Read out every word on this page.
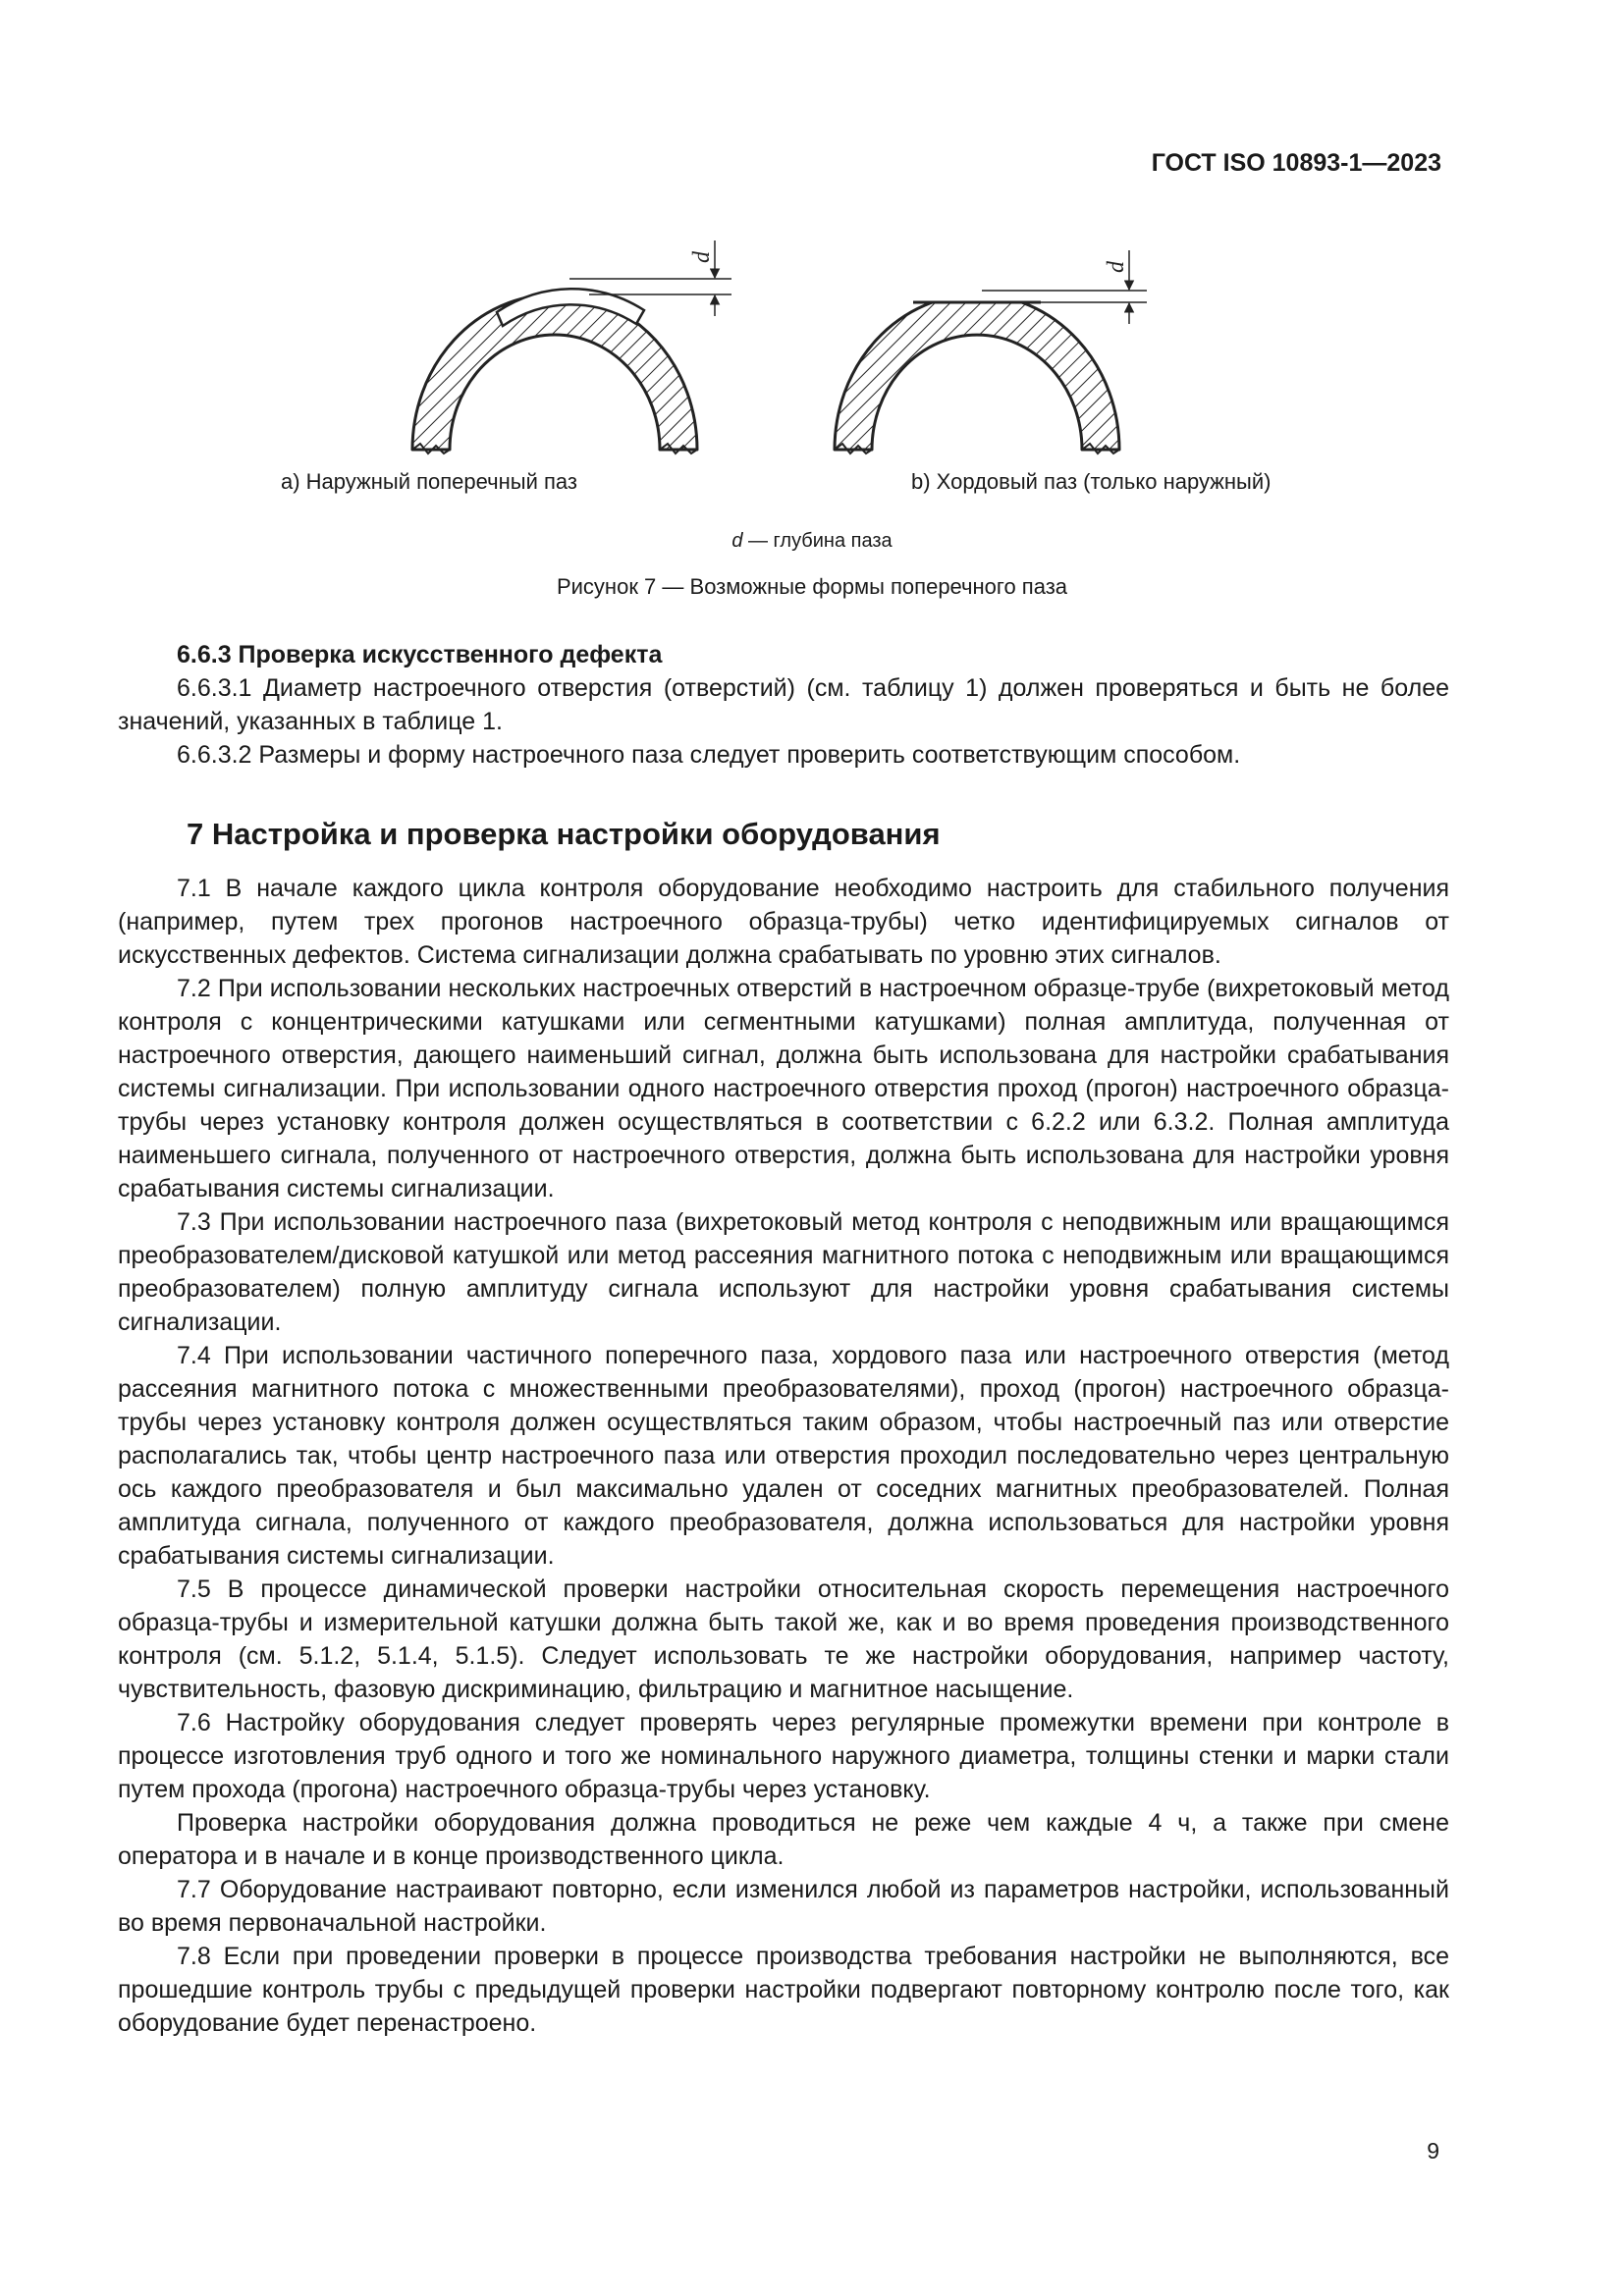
ГОСТ ISO 10893-1—2023
d
d
а) Наружный поперечный паз	b) Хордовый паз (только наружный)
d — глубина паза
Рисунок 7 — Возможные формы поперечного паза

6.6.3 Проверка искусственного дефекта

6.6.3.1 Диаметр настроечного отверстия (отверстий) (см. таблицу 1) должен проверяться и быть не более значений, указанных в таблице 1.

6.6.3.2 Размеры и форму настроечного паза следует проверить соответствующим способом.

7 Настройка и проверка настройки оборудования

7.1 В начале каждого цикла контроля оборудование необходимо настроить для стабильного получения (например, путем трех прогонов настроечного образца-трубы) четко идентифицируемых сигналов от искусственных дефектов. Система сигнализации должна срабатывать по уровню этих сигналов.

7.2 При использовании нескольких настроечных отверстий в настроечном образце-трубе (вихретоковый метод контроля с концентрическими катушками или сегментными катушками) полная амплитуда, полученная от настроечного отверстия, дающего наименьший сигнал, должна быть использована для настройки срабатывания системы сигнализации. При использовании одного настроечного отверстия проход (прогон) настроечного образца-трубы через установку контроля должен осуществляться в соответствии с 6.2.2 или 6.3.2. Полная амплитуда наименьшего сигнала, полученного от настроечного отверстия, должна быть использована для настройки уровня срабатывания системы сигнализации.

7.3 При использовании настроечного паза (вихретоковый метод контроля с неподвижным или вращающимся преобразователем/дисковой катушкой или метод рассеяния магнитного потока с неподвижным или вращающимся преобразователем) полную амплитуду сигнала используют для настройки уровня срабатывания системы сигнализации.

7.4 При использовании частичного поперечного паза, хордового паза или настроечного отверстия (метод рассеяния магнитного потока с множественными преобразователями), проход (прогон) настроечного образца-трубы через установку контроля должен осуществляться таким образом, чтобы настроечный паз или отверстие располагались так, чтобы центр настроечного паза или отверстия проходил последовательно через центральную ось каждого преобразователя и был максимально удален от соседних магнитных преобразователей. Полная амплитуда сигнала, полученного от каждого преобразователя, должна использоваться для настройки уровня срабатывания системы сигнализации.

7.5 В процессе динамической проверки настройки относительная скорость перемещения настроечного образца-трубы и измерительной катушки должна быть такой же, как и во время проведения производственного контроля (см. 5.1.2, 5.1.4, 5.1.5). Следует использовать те же настройки оборудования, например частоту, чувствительность, фазовую дискриминацию, фильтрацию и магнитное насыщение.

7.6 Настройку оборудования следует проверять через регулярные промежутки времени при контроле в процессе изготовления труб одного и того же номинального наружного диаметра, толщины стенки и марки стали путем прохода (прогона) настроечного образца-трубы через установку.

Проверка настройки оборудования должна проводиться не реже чем каждые 4 ч, а также при смене оператора и в начале и в конце производственного цикла.

7.7 Оборудование настраивают повторно, если изменился любой из параметров настройки, использованный во время первоначальной настройки.

7.8 Если при проведении проверки в процессе производства требования настройки не выполняются, все прошедшие контроль трубы с предыдущей проверки настройки подвергают повторному контролю после того, как оборудование будет перенастроено.

9
